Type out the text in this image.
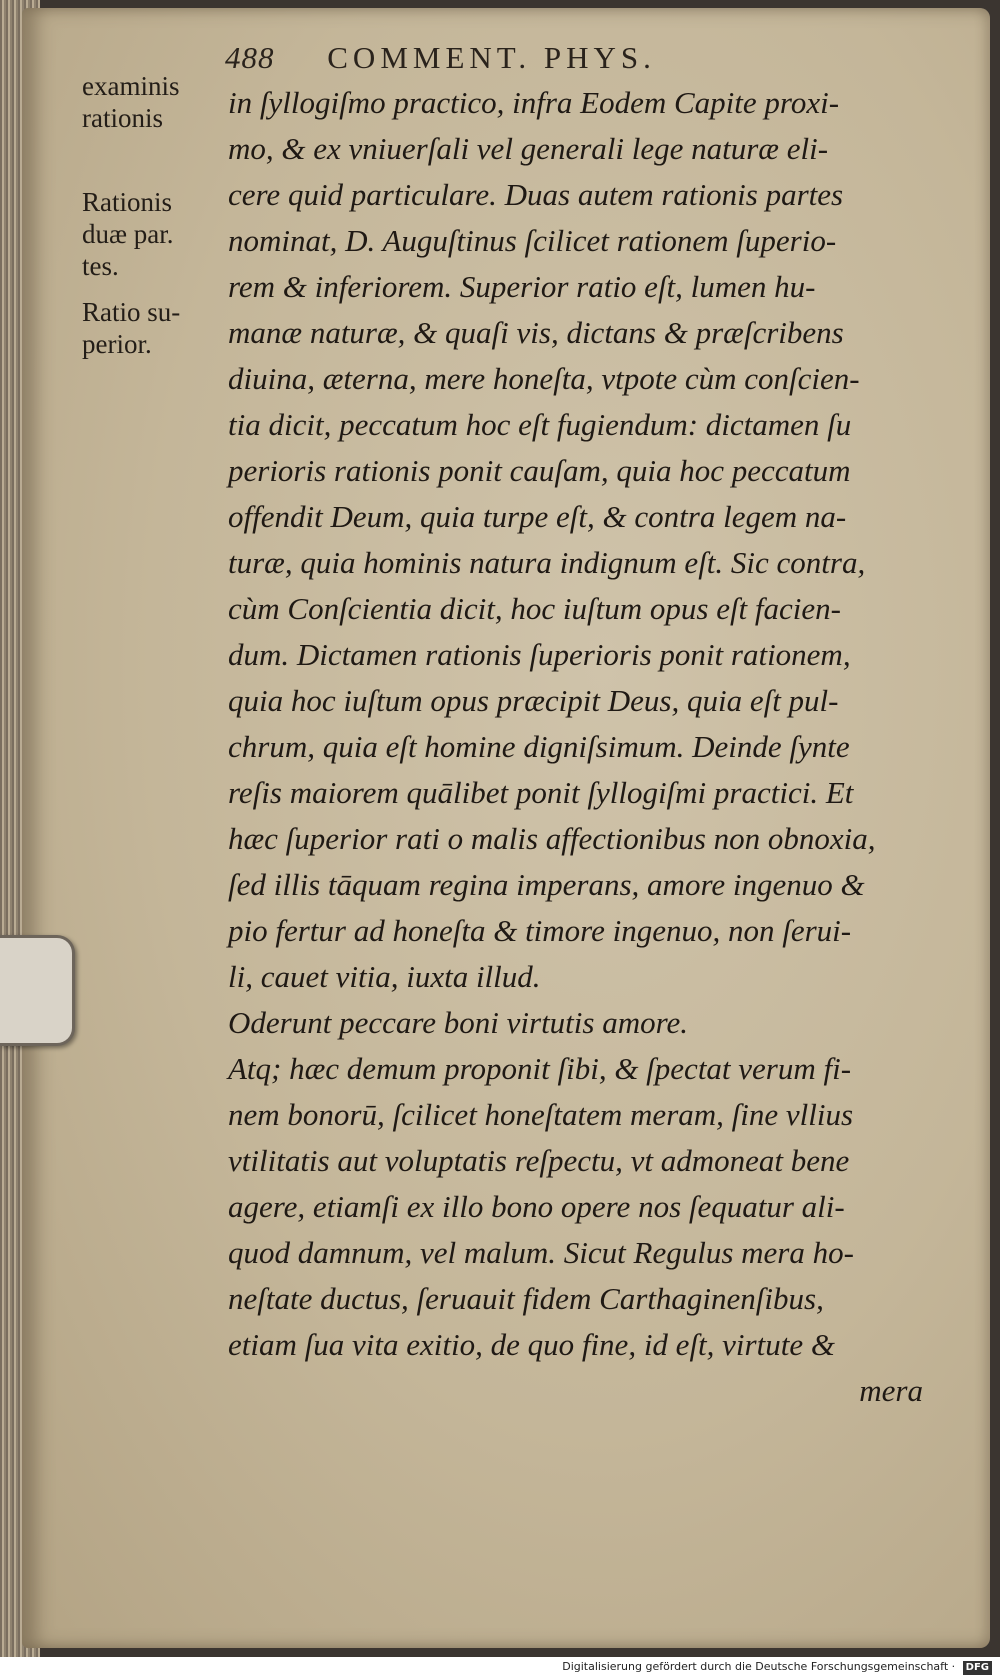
488 COMMENT. PHYS.
examinis
rationis
Rationis
duæ par.
tes.
Ratio su-
perior.
in ſyllogiſmo practico, infra Eodem Capite proxi-
mo, & ex vniuerſali vel generali lege naturæ eli-
cere quid particulare. Duas autem rationis partes
nominat, D. Auguſtinus ſcilicet rationem ſuperio-
rem & inferiorem. Superior ratio eſt, lumen hu-
manæ naturæ, & quaſi vis, dictans & præſcribens
diuina, æterna, mere honeſta, vtpote cùm conſcien-
tia dicit, peccatum hoc eſt fugiendum: dictamen ſu
perioris rationis ponit cauſam, quia hoc peccatum
offendit Deum, quia turpe eſt, & contra legem na-
turæ, quia hominis natura indignum eſt. Sic contra,
cùm Conſcientia dicit, hoc iuſtum opus eſt facien-
dum. Dictamen rationis ſuperioris ponit rationem,
quia hoc iuſtum opus præcipit Deus, quia eſt pul-
chrum, quia eſt homine digniſsimum. Deinde ſynte
reſis maiorem quālibet ponit ſyllogiſmi practici. Et
hæc ſuperior rati o malis affectionibus non obnoxia,
ſed illis tāquam regina imperans, amore ingenuo &
pio fertur ad honeſta & timore ingenuo, non ſerui-
li, cauet vitia, iuxta illud.
Oderunt peccare boni virtutis amore.
Atq; hæc demum proponit ſibi, & ſpectat verum fi-
nem bonorū, ſcilicet honeſtatem meram, ſine vllius
vtilitatis aut voluptatis reſpectu, vt admoneat bene
agere, etiamſi ex illo bono opere nos ſequatur ali-
quod damnum, vel malum. Sicut Regulus mera ho-
neſtate ductus, ſeruauit fidem Carthaginenſibus,
etiam ſua vita exitio, de quo fine, id eſt, virtute &
mera
Digitalisierung gefördert durch die Deutsche Forschungsgemeinschaft · DFG
